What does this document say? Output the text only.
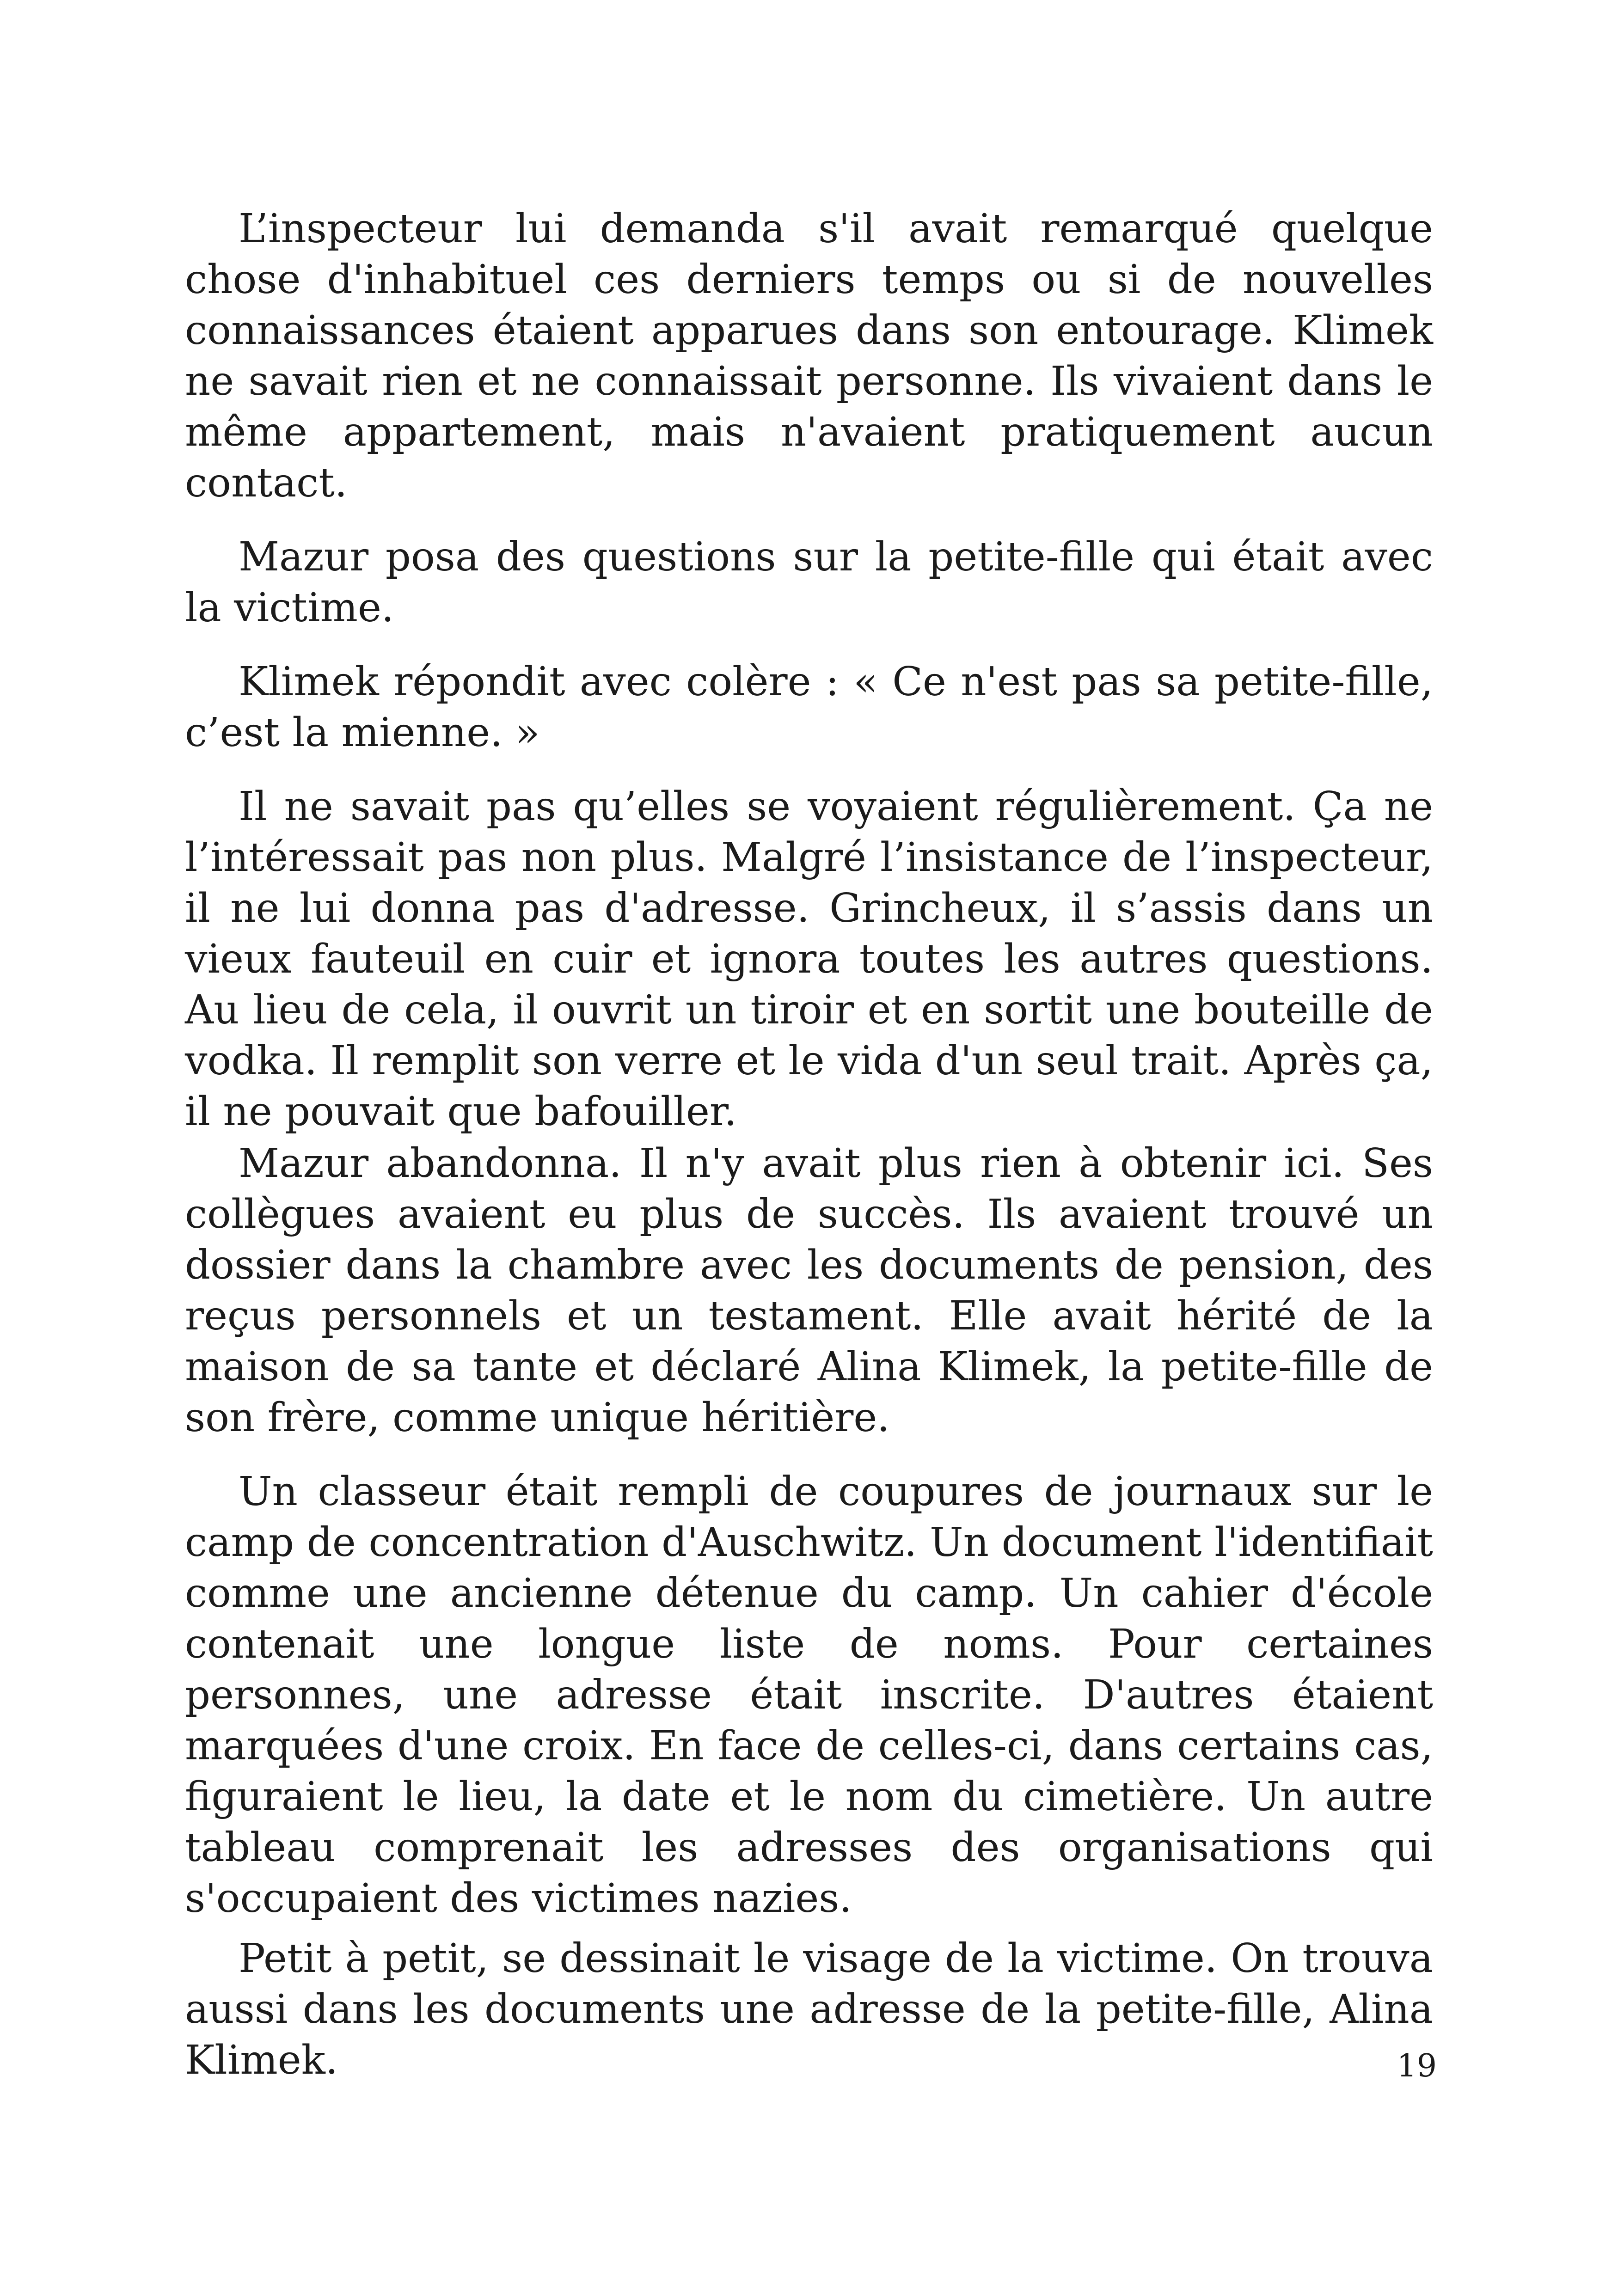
L’inspecteur lui demanda s'il avait remarqué quelque chose d'inhabituel ces derniers temps ou si de nouvelles connaissances étaient apparues dans son entourage. Klimek ne savait rien et ne connaissait personne. Ils vivaient dans le même appartement, mais n'avaient pratiquement aucun contact.

Mazur posa des questions sur la petite-fille qui était avec la victime.

Klimek répondit avec colère : « Ce n'est pas sa petite-fille, c’est la mienne. »

Il ne savait pas qu’elles se voyaient régulièrement. Ça ne l’intéressait pas non plus. Malgré l’insistance de l’inspecteur, il ne lui donna pas d'adresse. Grincheux, il s’assis dans un vieux fauteuil en cuir et ignora toutes les autres questions. Au lieu de cela, il ouvrit un tiroir et en sortit une bouteille de vodka. Il remplit son verre et le vida d'un seul trait. Après ça, il ne pouvait que bafouiller.

Mazur abandonna. Il n'y avait plus rien à obtenir ici. Ses collègues avaient eu plus de succès. Ils avaient trouvé un dossier dans la chambre avec les documents de pension, des reçus personnels et un testament. Elle avait hérité de la maison de sa tante et déclaré Alina Klimek, la petite-fille de son frère, comme unique héritière.

Un classeur était rempli de coupures de journaux sur le camp de concentration d'Auschwitz. Un document l'identifiait comme une ancienne détenue du camp. Un cahier d'école contenait une longue liste de noms. Pour certaines personnes, une adresse était inscrite. D'autres étaient marquées d'une croix. En face de celles-ci, dans certains cas, figuraient le lieu, la date et le nom du cimetière. Un autre tableau comprenait les adresses des organisations qui s'occupaient des victimes nazies.

Petit à petit, se dessinait le visage de la victime. On trouva aussi dans les documents une adresse de la petite-fille, Alina Klimek.	19
